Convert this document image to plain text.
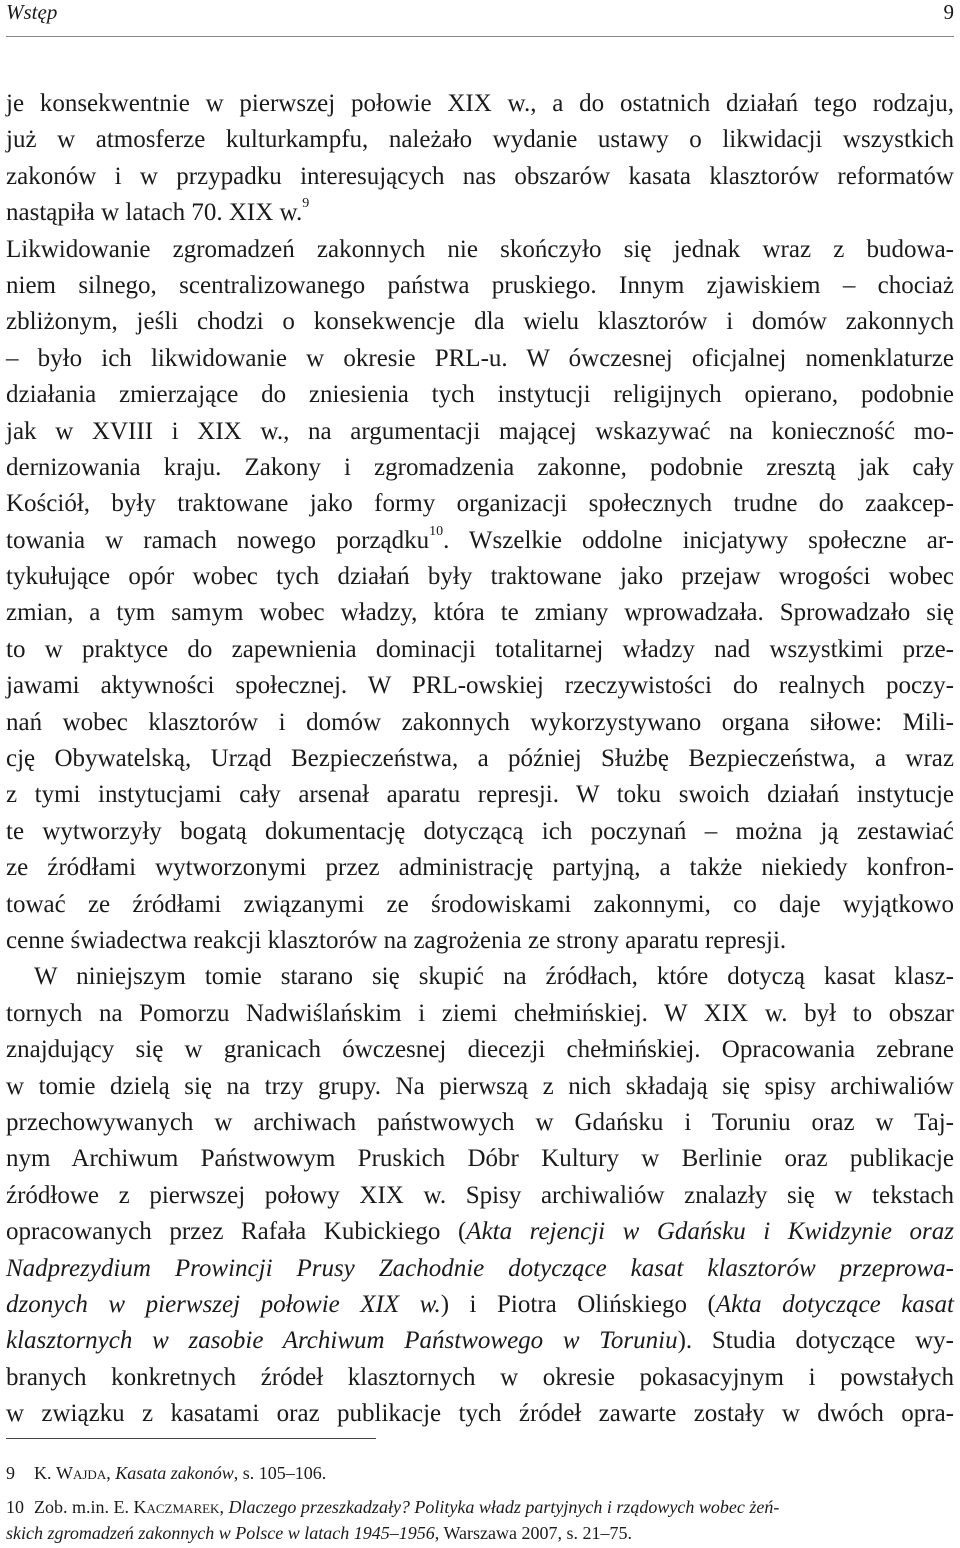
Wstęp	9
je konsekwentnie w pierwszej połowie XIX w., a do ostatnich działań tego rodzaju,
już w atmosferze kulturkampfu, należało wydanie ustawy o likwidacji wszystkich
zakonów i w przypadku interesujących nas obszarów kasata klasztorów reformatów
nastąpiła w latach 70. XIX w.$^9$
Likwidowanie zgromadzeń zakonnych nie skończyło się jednak wraz z budowa-
niem silnego, scentralizowanego państwa pruskiego. Innym zjawiskiem – chociaż
zbliżonym, jeśli chodzi o konsekwencje dla wielu klasztorów i domów zakonnych
– było ich likwidowanie w okresie PRL-u. W ówczesnej oficjalnej nomenklaturze
działania zmierzające do zniesienia tych instytucji religijnych opierano, podobnie
jak w XVIII i XIX w., na argumentacji mającej wskazywać na konieczność mo-
dernizowania kraju. Zakony i zgromadzenia zakonne, podobnie zresztą jak cały
Kościół, były traktowane jako formy organizacji społecznych trudne do zaakcep-
towania w ramach nowego porządku$^{10}$. Wszelkie oddolne inicjatywy społeczne ar-
tykułujące opór wobec tych działań były traktowane jako przejaw wrogości wobec
zmian, a tym samym wobec władzy, która te zmiany wprowadzała. Sprowadzało się
to w praktyce do zapewnienia dominacji totalitarnej władzy nad wszystkimi prze-
jawami aktywności społecznej. W PRL-owskiej rzeczywistości do realnych poczy-
nań wobec klasztorów i domów zakonnych wykorzystywano organa siłowe: Mili-
cję Obywatelską, Urząd Bezpieczeństwa, a później Służbę Bezpieczeństwa, a wraz
z tymi instytucjami cały arsenał aparatu represji. W toku swoich działań instytucje
te wytworzyły bogatą dokumentację dotyczącą ich poczynań – można ją zestawiać
ze źródłami wytworzonymi przez administrację partyjną, a także niekiedy konfron-
tować ze źródłami związanymi ze środowiskami zakonnymi, co daje wyjątkowo
cenne świadectwa reakcji klasztorów na zagrożenia ze strony aparatu represji.
W niniejszym tomie starano się skupić na źródłach, które dotyczą kasat klasz-
tornych na Pomorzu Nadwiślańskim i ziemi chełmińskiej. W XIX w. był to obszar
znajdujący się w granicach ówczesnej diecezji chełmińskiej. Opracowania zebrane
w tomie dzielą się na trzy grupy. Na pierwszą z nich składają się spisy archiwaliów
przechowywanych w archiwach państwowych w Gdańsku i Toruniu oraz w Taj-
nym Archiwum Państwowym Pruskich Dóbr Kultury w Berlinie oraz publikacje
źródłowe z pierwszej połowy XIX w. Spisy archiwaliów znalazły się w tekstach
opracowanych przez Rafała Kubickiego (Akta rejencji w Gdańsku i Kwidzynie oraz
Nadprezydium Prowincji Prusy Zachodnie dotyczące kasat klasztorów przeprowa-
dzonych w pierwszej połowie XIX w.) i Piotra Olińskiego (Akta dotyczące kasat
klasztornych w zasobie Archiwum Państwowego w Toruniu). Studia dotyczące wy-
branych konkretnych źródeł klasztornych w okresie pokasacyjnym i powstałych
w związku z kasatami oraz publikacje tych źródeł zawarte zostały w dwóch opra-
9 K. Wajda, Kasata zakonów, s. 105–106.
10 Zob. m.in. E. Kaczmarek, Dlaczego przeszkadzały? Polityka władz partyjnych i rządowych wobec żeń-
skich zgromadzeń zakonnych w Polsce w latach 1945–1956, Warszawa 2007, s. 21–75.
